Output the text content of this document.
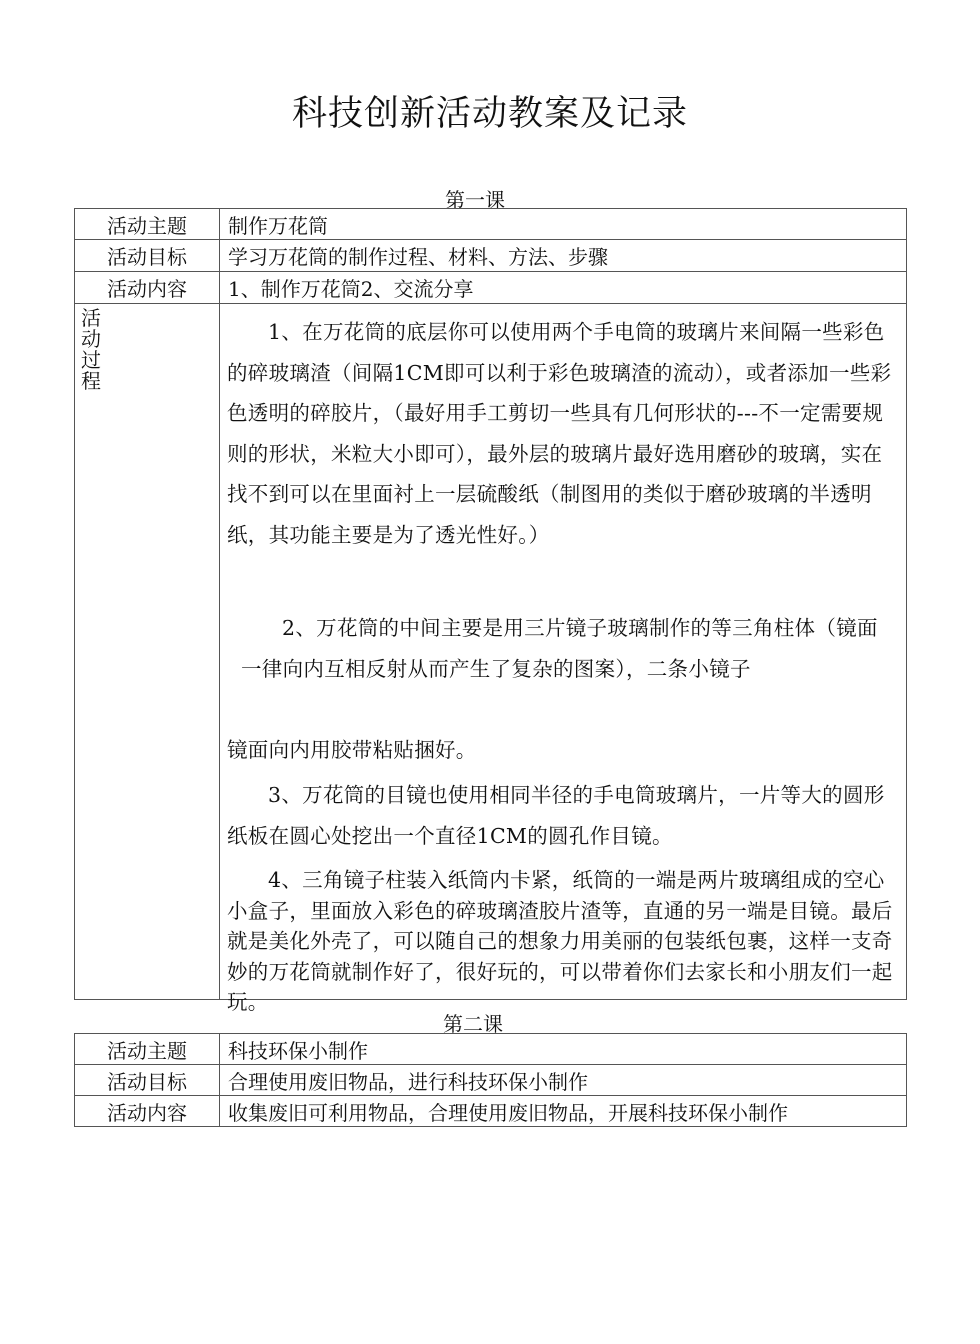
科技创新活动教案及记录
第一课
活动主题	制作万花筒
活动目标	学习万花筒的制作过程、材料、方法、步骤
活动内容	1、制作万花筒2、交流分享

活动过程	1、在万花筒的底层你可以使用两个手电筒的玻璃片来间隔一些彩色的碎玻璃渣（间隔1CM即可以利于彩色玻璃渣的流动），或者添加一些彩色透明的碎胶片，（最好用手工剪切一些具有几何形状的---不一定需要规则的形状，米粒大小即可），最外层的玻璃片最好选用磨砂的玻璃，实在找不到可以在里面衬上一层硫酸纸（制图用的类似于磨砂玻璃的半透明纸，其功能主要是为了透光性好。）
2、万花筒的中间主要是用三片镜子玻璃制作的等三角柱体（镜面一律向内互相反射从而产生了复杂的图案），二条小镜子
镜面向内用胶带粘贴捆好。
3、万花筒的目镜也使用相同半径的手电筒玻璃片，一片等大的圆形纸板在圆心处挖出一个直径1CM的圆孔作目镜。
4、三角镜子柱装入纸筒内卡紧，纸筒的一端是两片玻璃组成的空心小盒子，里面放入彩色的碎玻璃渣胶片渣等，直通的另一端是目镜。最后就是美化外壳了，可以随自己的想象力用美丽的包装纸包裹，这样一支奇妙的万花筒就制作好了，很好玩的，可以带着你们去家长和小朋友们一起玩。
第二课
活动主题	科技环保小制作
活动目标	合理使用废旧物品，进行科技环保小制作
活动内容	收集废旧可利用物品，合理使用废旧物品，开展科技环保小制作
